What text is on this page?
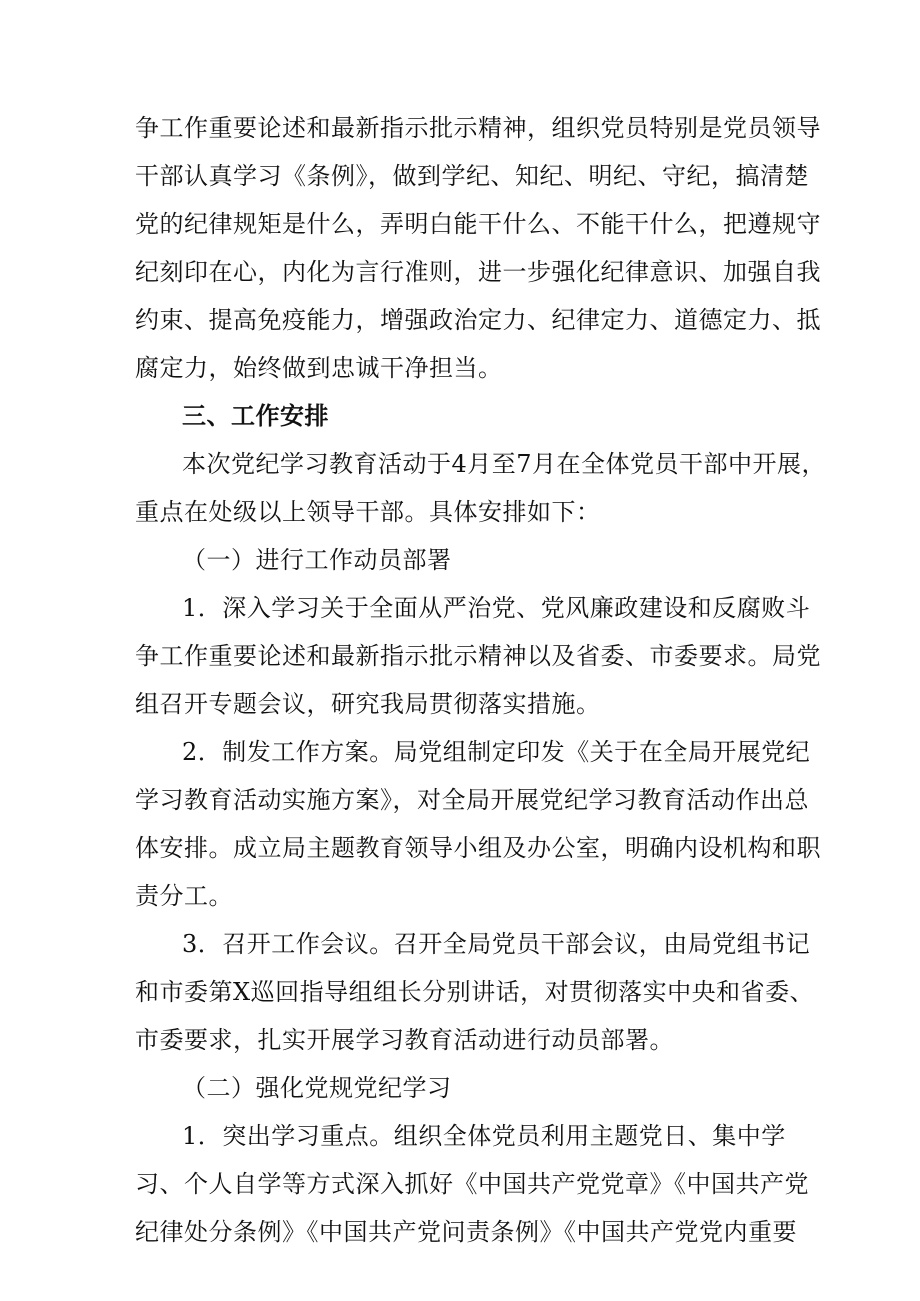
争工作重要论述和最新指示批示精神，组织党员特别是党员领导
干部认真学习《条例》，做到学纪、知纪、明纪、守纪，搞清楚
党的纪律规矩是什么，弄明白能干什么、不能干什么，把遵规守
纪刻印在心，内化为言行准则，进一步强化纪律意识、加强自我
约束、提高免疫能力，增强政治定力、纪律定力、道德定力、抵
腐定力，始终做到忠诚干净担当。
三、工作安排
本次党纪学习教育活动于4月至7月在全体党员干部中开展，
重点在处级以上领导干部。具体安排如下：
（一）进行工作动员部署
1．深入学习关于全面从严治党、党风廉政建设和反腐败斗
争工作重要论述和最新指示批示精神以及省委、市委要求。局党
组召开专题会议，研究我局贯彻落实措施。
2．制发工作方案。局党组制定印发《关于在全局开展党纪
学习教育活动实施方案》，对全局开展党纪学习教育活动作出总
体安排。成立局主题教育领导小组及办公室，明确内设机构和职
责分工。
3．召开工作会议。召开全局党员干部会议，由局党组书记
和市委第X巡回指导组组长分别讲话，对贯彻落实中央和省委、
市委要求，扎实开展学习教育活动进行动员部署。
（二）强化党规党纪学习
1．突出学习重点。组织全体党员利用主题党日、集中学
习、个人自学等方式深入抓好《中国共产党党章》《中国共产党
纪律处分条例》《中国共产党问责条例》《中国共产党党内重要
